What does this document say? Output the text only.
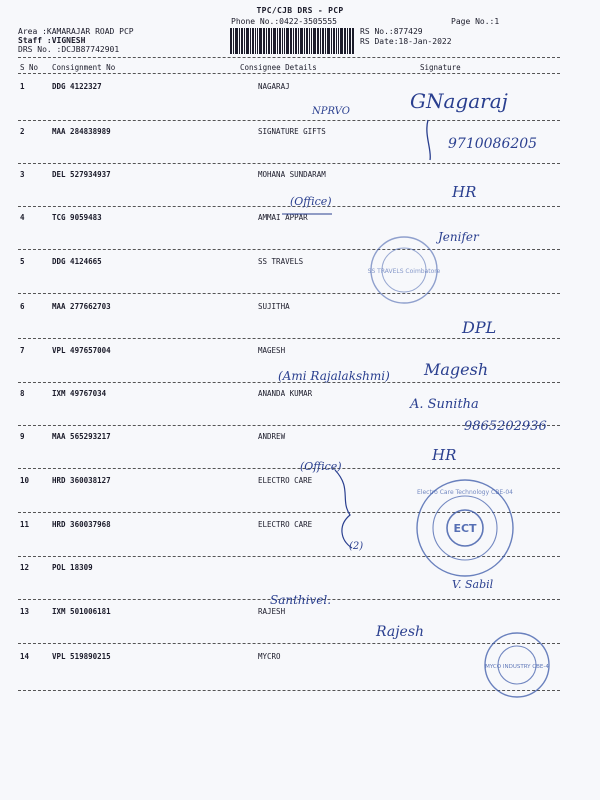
TPC/CJB DRS - PCP
Phone No.:0422-3505555	Page No.:1
Area :KAMARAJAR ROAD PCP
Staff :VIGNESH
DRS No. :DCJB87742901
RS No.:877429
RS Date:18-Jan-2022
S No Consignment No	Consignee Details	Signature
1	DDG 4122327	NAGARAJ
2	MAA 284838989	SIGNATURE GIFTS
3	DEL 527934937	MOHANA SUNDARAM
4	TCG 9059483	AMMAI APPAR
5	DDG 4124665	SS TRAVELS
6	MAA 277662703	SUJITHA
7	VPL 497657004	MAGESH
8	IXM 49767034	ANANDA KUMAR
9	MAA 565293217	ANDREW
10	HRD 360038127	ELECTRO CARE
11	HRD 360037968	ELECTRO CARE
12	POL 18309
13	IXM 501006181	RAJESH
14	VPL 519890215	MYCRO
SS TRAVELS Coimbatore
ECT
Electro Care Technology CBE-04
MYCO INDUSTRY CBE-4
GNagaraj
NPRVO
9710086205
HR
(Office)
Jenifer
DPL
(Ami Rajalakshmi) Magesh
A. Sunitha
9865202936
HR
(Office)
(2)
Santhivel.
V. Sabil
Rajesh
